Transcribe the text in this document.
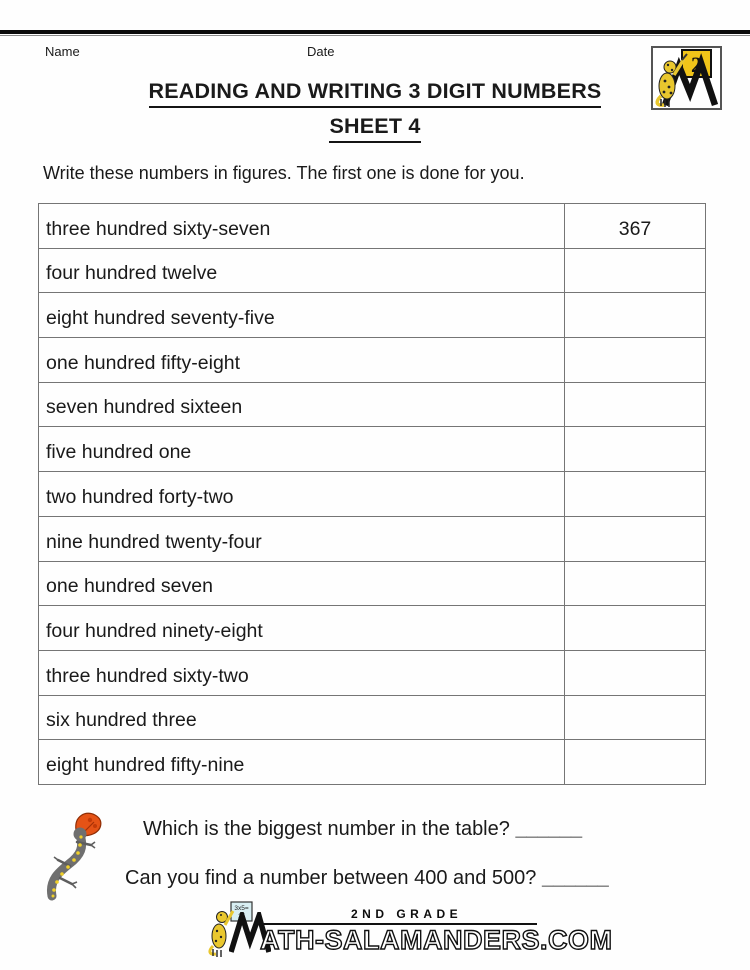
Name	Date
2
READING AND WRITING 3 DIGIT NUMBERS
SHEET 4
Write these numbers in figures. The first one is done for you.
three hundred sixty-seven	367
four hundred twelve	
eight hundred seventy-five	
one hundred fifty-eight	
seven hundred sixteen	
five hundred one	
two hundred forty-two	
nine hundred twenty-four	
one hundred seven	
four hundred ninety-eight	
three hundred sixty-two	
six hundred three	
eight hundred fifty-nine	
Which is the biggest number in the table? ______
Can you find a number between 400 and 500? ______
3x5=
15	2ND GRADE
ATH-SALAMANDERS.COM
